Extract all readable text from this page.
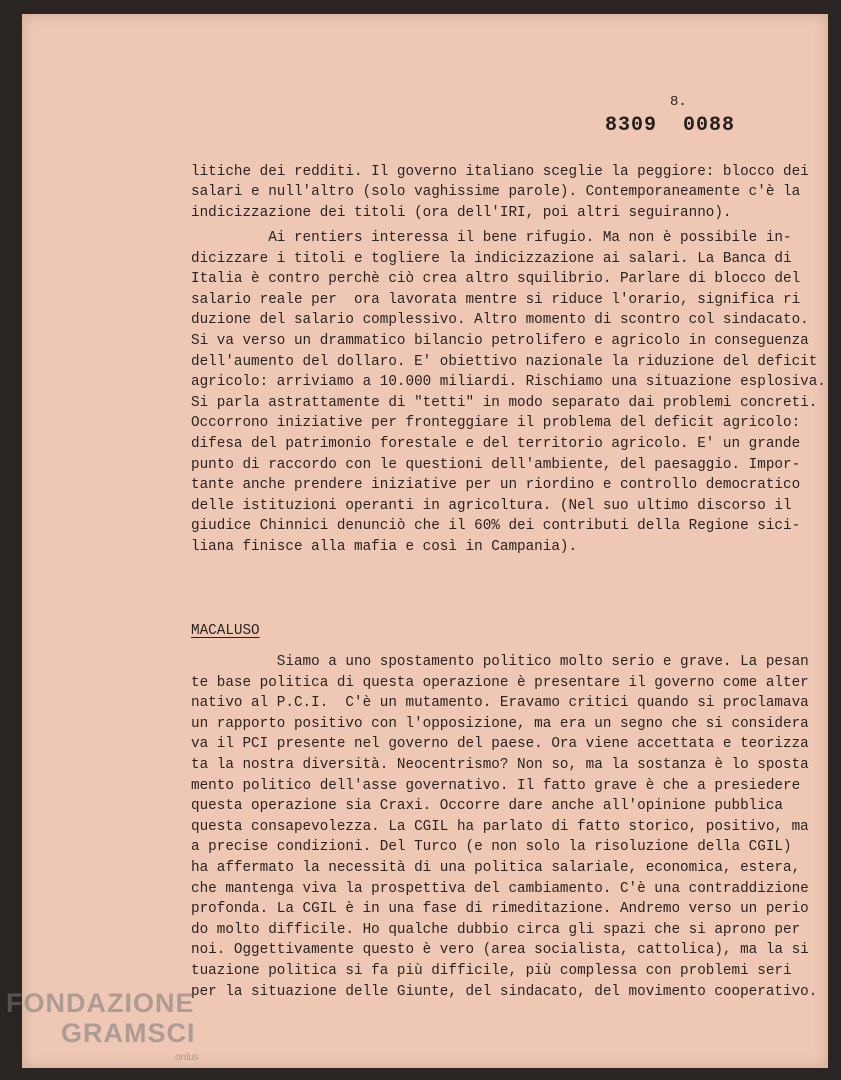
8.
8309  0088
litiche dei redditi. Il governo italiano sceglie la peggiore: blocco dei
salari e null'altro (solo vaghissime parole). Contemporaneamente c'è la
indicizzazione dei titoli (ora dell'IRI, poi altri seguiranno).
Ai rentiers interessa il bene rifugio. Ma non è possibile in-
dicizzare i titoli e togliere la indicizzazione ai salari. La Banca di
Italia è contro perchè ciò crea altro squilibrio. Parlare di blocco del
salario reale per  ora lavorata mentre si riduce l'orario, significa ri
duzione del salario complessivo. Altro momento di scontro col sindacato.
Si va verso un drammatico bilancio petrolifero e agricolo in conseguenza
dell'aumento del dollaro. E' obiettivo nazionale la riduzione del deficit
agricolo: arriviamo a 10.000 miliardi. Rischiamo una situazione esplosiva.
Si parla astrattamente di "tetti" in modo separato dai problemi concreti.
Occorrono iniziative per fronteggiare il problema del deficit agricolo:
difesa del patrimonio forestale e del territorio agricolo. E' un grande
punto di raccordo con le questioni dell'ambiente, del paesaggio. Impor-
tante anche prendere iniziative per un riordino e controllo democratico
delle istituzioni operanti in agricoltura. (Nel suo ultimo discorso il
giudice Chinnici denunciò che il 60% dei contributi della Regione sici-
liana finisce alla mafia e così in Campania).
MACALUSO
Siamo a uno spostamento politico molto serio e grave. La pesan
te base politica di questa operazione è presentare il governo come alter
nativo al P.C.I.  C'è un mutamento. Eravamo critici quando si proclamava
un rapporto positivo con l'opposizione, ma era un segno che si considera
va il PCI presente nel governo del paese. Ora viene accettata e teorizza
ta la nostra diversità. Neocentrismo? Non so, ma la sostanza è lo sposta
mento politico dell'asse governativo. Il fatto grave è che a presiedere
questa operazione sia Craxi. Occorre dare anche all'opinione pubblica
questa consapevolezza. La CGIL ha parlato di fatto storico, positivo, ma
a precise condizioni. Del Turco (e non solo la risoluzione della CGIL)
ha affermato la necessità di una politica salariale, economica, estera,
che mantenga viva la prospettiva del cambiamento. C'è una contraddizione
profonda. La CGIL è in una fase di rimeditazione. Andremo verso un perio
do molto difficile. Ho qualche dubbio circa gli spazi che si aprono per
noi. Oggettivamente questo è vero (area socialista, cattolica), ma la si
tuazione politica si fa più difficile, più complessa con problemi seri
per la situazione delle Giunte, del sindacato, del movimento cooperativo.
FONDAZIONE
GRAMSCI
onlus
